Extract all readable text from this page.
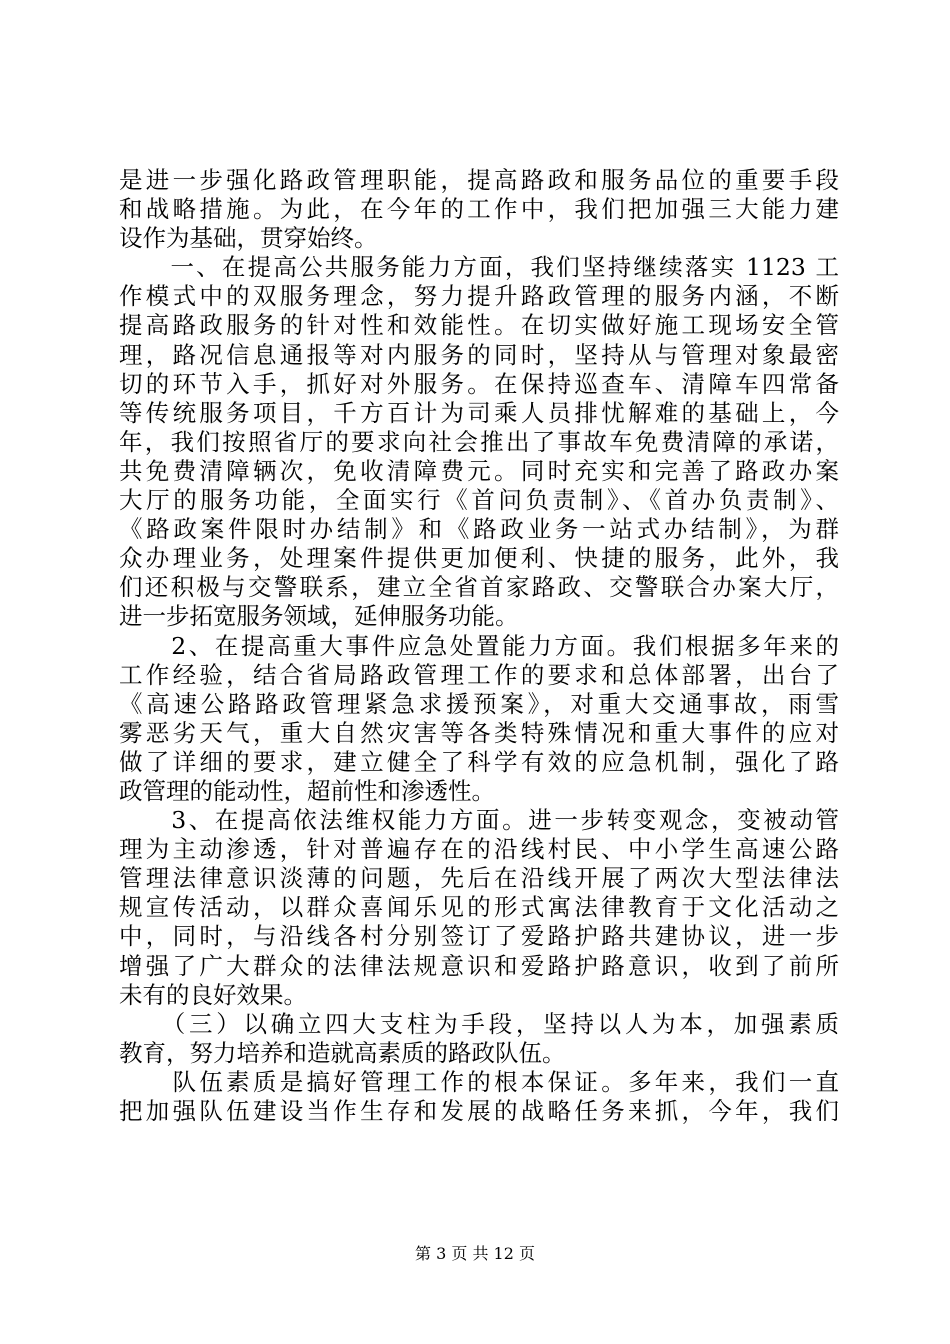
是进一步强化路政管理职能，提高路政和服务品位的重要手段
和战略措施。为此，在今年的工作中，我们把加强三大能力建
设作为基础，贯穿始终。
　　一、在提高公共服务能力方面，我们坚持继续落实 1123 工
作模式中的双服务理念，努力提升路政管理的服务内涵，不断
提高路政服务的针对性和效能性。在切实做好施工现场安全管
理，路况信息通报等对内服务的同时，坚持从与管理对象最密
切的环节入手，抓好对外服务。在保持巡查车、清障车四常备
等传统服务项目，千方百计为司乘人员排忧解难的基础上，今
年，我们按照省厅的要求向社会推出了事故车免费清障的承诺，
共免费清障辆次，免收清障费元。同时充实和完善了路政办案
大厅的服务功能，全面实行《首问负责制》、《首办负责制》、
《路政案件限时办结制》和《路政业务一站式办结制》，为群
众办理业务，处理案件提供更加便利、快捷的服务，此外，我
们还积极与交警联系，建立全省首家路政、交警联合办案大厅，
进一步拓宽服务领域，延伸服务功能。
　　2、在提高重大事件应急处置能力方面。我们根据多年来的
工作经验，结合省局路政管理工作的要求和总体部署，出台了
《高速公路路政管理紧急求援预案》，对重大交通事故，雨雪
雾恶劣天气，重大自然灾害等各类特殊情况和重大事件的应对
做了详细的要求，建立健全了科学有效的应急机制，强化了路
政管理的能动性，超前性和渗透性。
　　3、在提高依法维权能力方面。进一步转变观念，变被动管
理为主动渗透，针对普遍存在的沿线村民、中小学生高速公路
管理法律意识淡薄的问题，先后在沿线开展了两次大型法律法
规宣传活动，以群众喜闻乐见的形式寓法律教育于文化活动之
中，同时，与沿线各村分别签订了爱路护路共建协议，进一步
增强了广大群众的法律法规意识和爱路护路意识，收到了前所
未有的良好效果。
　　（三）以确立四大支柱为手段，坚持以人为本，加强素质
教育，努力培养和造就高素质的路政队伍。
　　队伍素质是搞好管理工作的根本保证。多年来，我们一直
把加强队伍建设当作生存和发展的战略任务来抓，今年，我们
第 3 页 共 12 页
